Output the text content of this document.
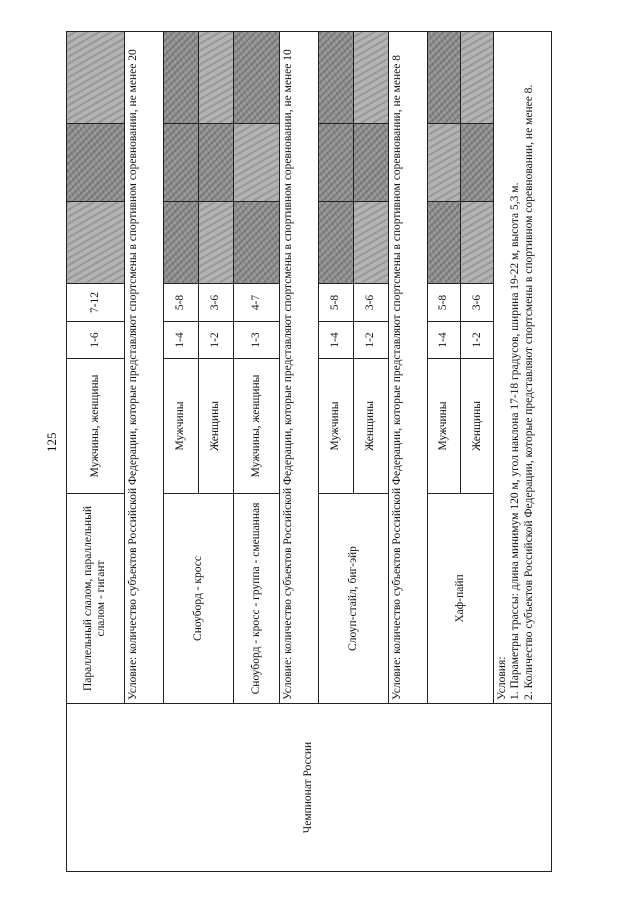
125
Чемпионат России	Параллельный слалом, параллельный слалом - гигант	Мужчины, женщины	1-6	7-12			
	Условие: количество субъектов Российской Федерации, которые представляют спортсмены в спортивном соревновании, не менее 20						
	Сноуборд - кросс	Мужчины	1-4	5-8			
		Женщины	1-2	3-6			
	Сноуборд - кросс - группа - смешанная	Мужчины, женщины	1-3	4-7			
	Условие: количество субъектов Российской Федерации, которые представляют спортсмены в спортивном соревновании, не менее 10						
	Слоуп-стайл, биг-эйр	Мужчины	1-4	5-8			
		Женщины	1-2	3-6			
	Условие: количество субъектов Российской Федерации, которые представляют спортсмены в спортивном соревновании, не менее 8						
	Хаф-пайп	Мужчины	1-4	5-8			
		Женщины	1-2	3-6			

	Условия: 1. Параметры трассы: длина минимум 120 м, угол наклона 17-18 градусов, ширина 19-22 м, высота 5,3 м. 2. Количество субъектов Российской Федерации, которые представляют спортсмены в спортивном соревновании, не менее 8.						
